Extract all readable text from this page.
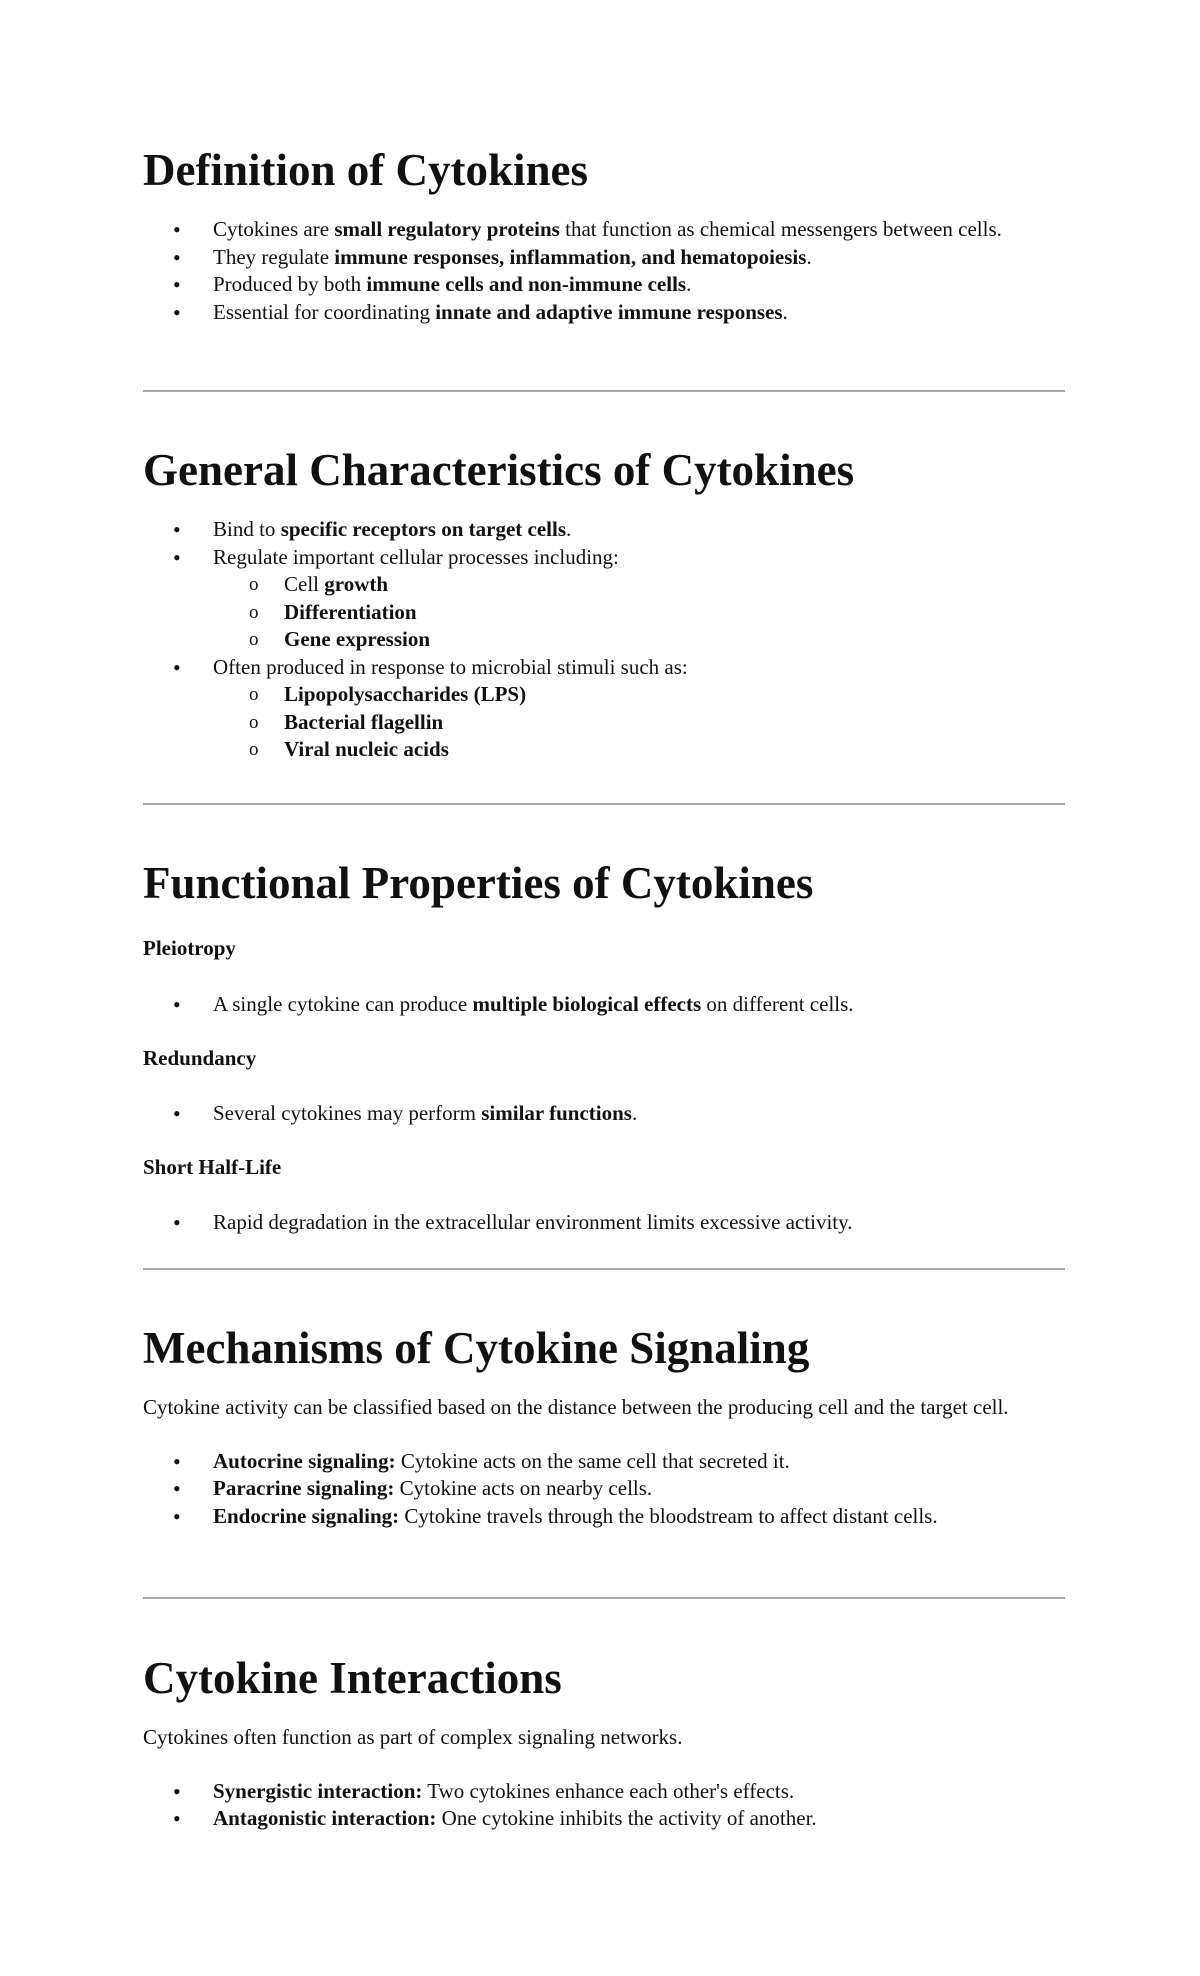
Definition of Cytokines
• Cytokines are small regulatory proteins that function as chemical messengers between cells.
• They regulate immune responses, inflammation, and hematopoiesis.
• Produced by both immune cells and non-immune cells.
• Essential for coordinating innate and adaptive immune responses.
General Characteristics of Cytokines
• Bind to specific receptors on target cells.
• Regulate important cellular processes including:
o Cell growth
o Differentiation
o Gene expression
• Often produced in response to microbial stimuli such as:
o Lipopolysaccharides (LPS)
o Bacterial flagellin
o Viral nucleic acids
Functional Properties of Cytokines
Pleiotropy
• A single cytokine can produce multiple biological effects on different cells.
Redundancy
• Several cytokines may perform similar functions.
Short Half-Life
• Rapid degradation in the extracellular environment limits excessive activity.
Mechanisms of Cytokine Signaling

Cytokine activity can be classified based on the distance between the producing cell and the target cell.

• Autocrine signaling: Cytokine acts on the same cell that secreted it.
• Paracrine signaling: Cytokine acts on nearby cells.
• Endocrine signaling: Cytokine travels through the bloodstream to affect distant cells.
Cytokine Interactions

Cytokines often function as part of complex signaling networks.

• Synergistic interaction: Two cytokines enhance each other's effects.
• Antagonistic interaction: One cytokine inhibits the activity of another.
